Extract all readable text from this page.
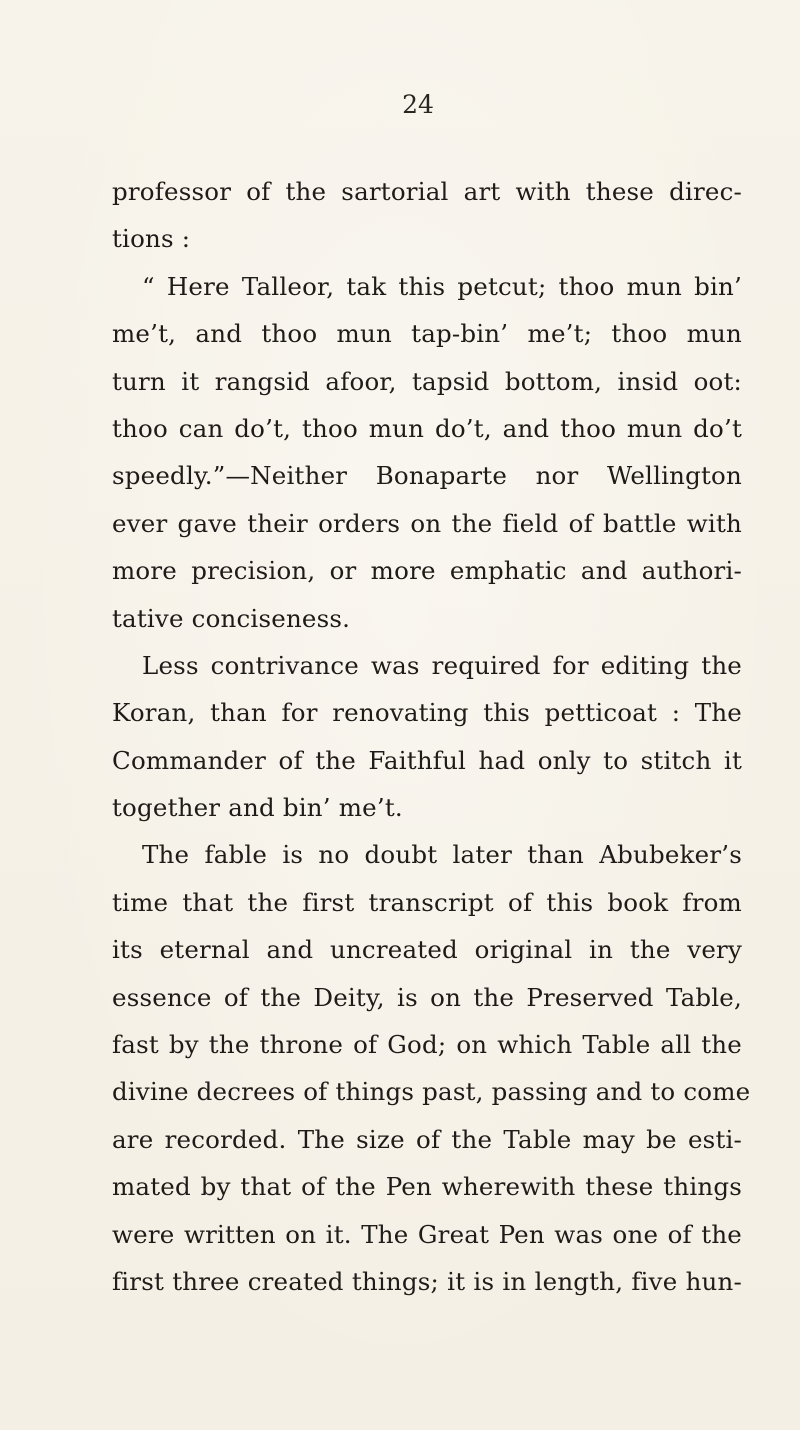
24
professor of the sartorial art with these direc-
tions :
“ Here Talleor, tak this petcut; thoo mun bin’
me’t, and thoo mun tap-bin’ me’t; thoo mun
turn it rangsid afoor, tapsid bottom, insid oot:
thoo can do’t, thoo mun do’t, and thoo mun do’t
speedly.”—Neither Bonaparte nor Wellington
ever gave their orders on the field of battle with
more precision, or more emphatic and authori-
tative conciseness.
Less contrivance was required for editing the
Koran, than for renovating this petticoat : The
Commander of the Faithful had only to stitch it
together and bin’ me’t.
The fable is no doubt later than Abubeker’s
time that the first transcript of this book from
its eternal and uncreated original in the very
essence of the Deity, is on the Preserved Table,
fast by the throne of God; on which Table all the
divine decrees of things past, passing and to come
are recorded. The size of the Table may be esti-
mated by that of the Pen wherewith these things
were written on it. The Great Pen was one of the
first three created things; it is in length, five hun-
